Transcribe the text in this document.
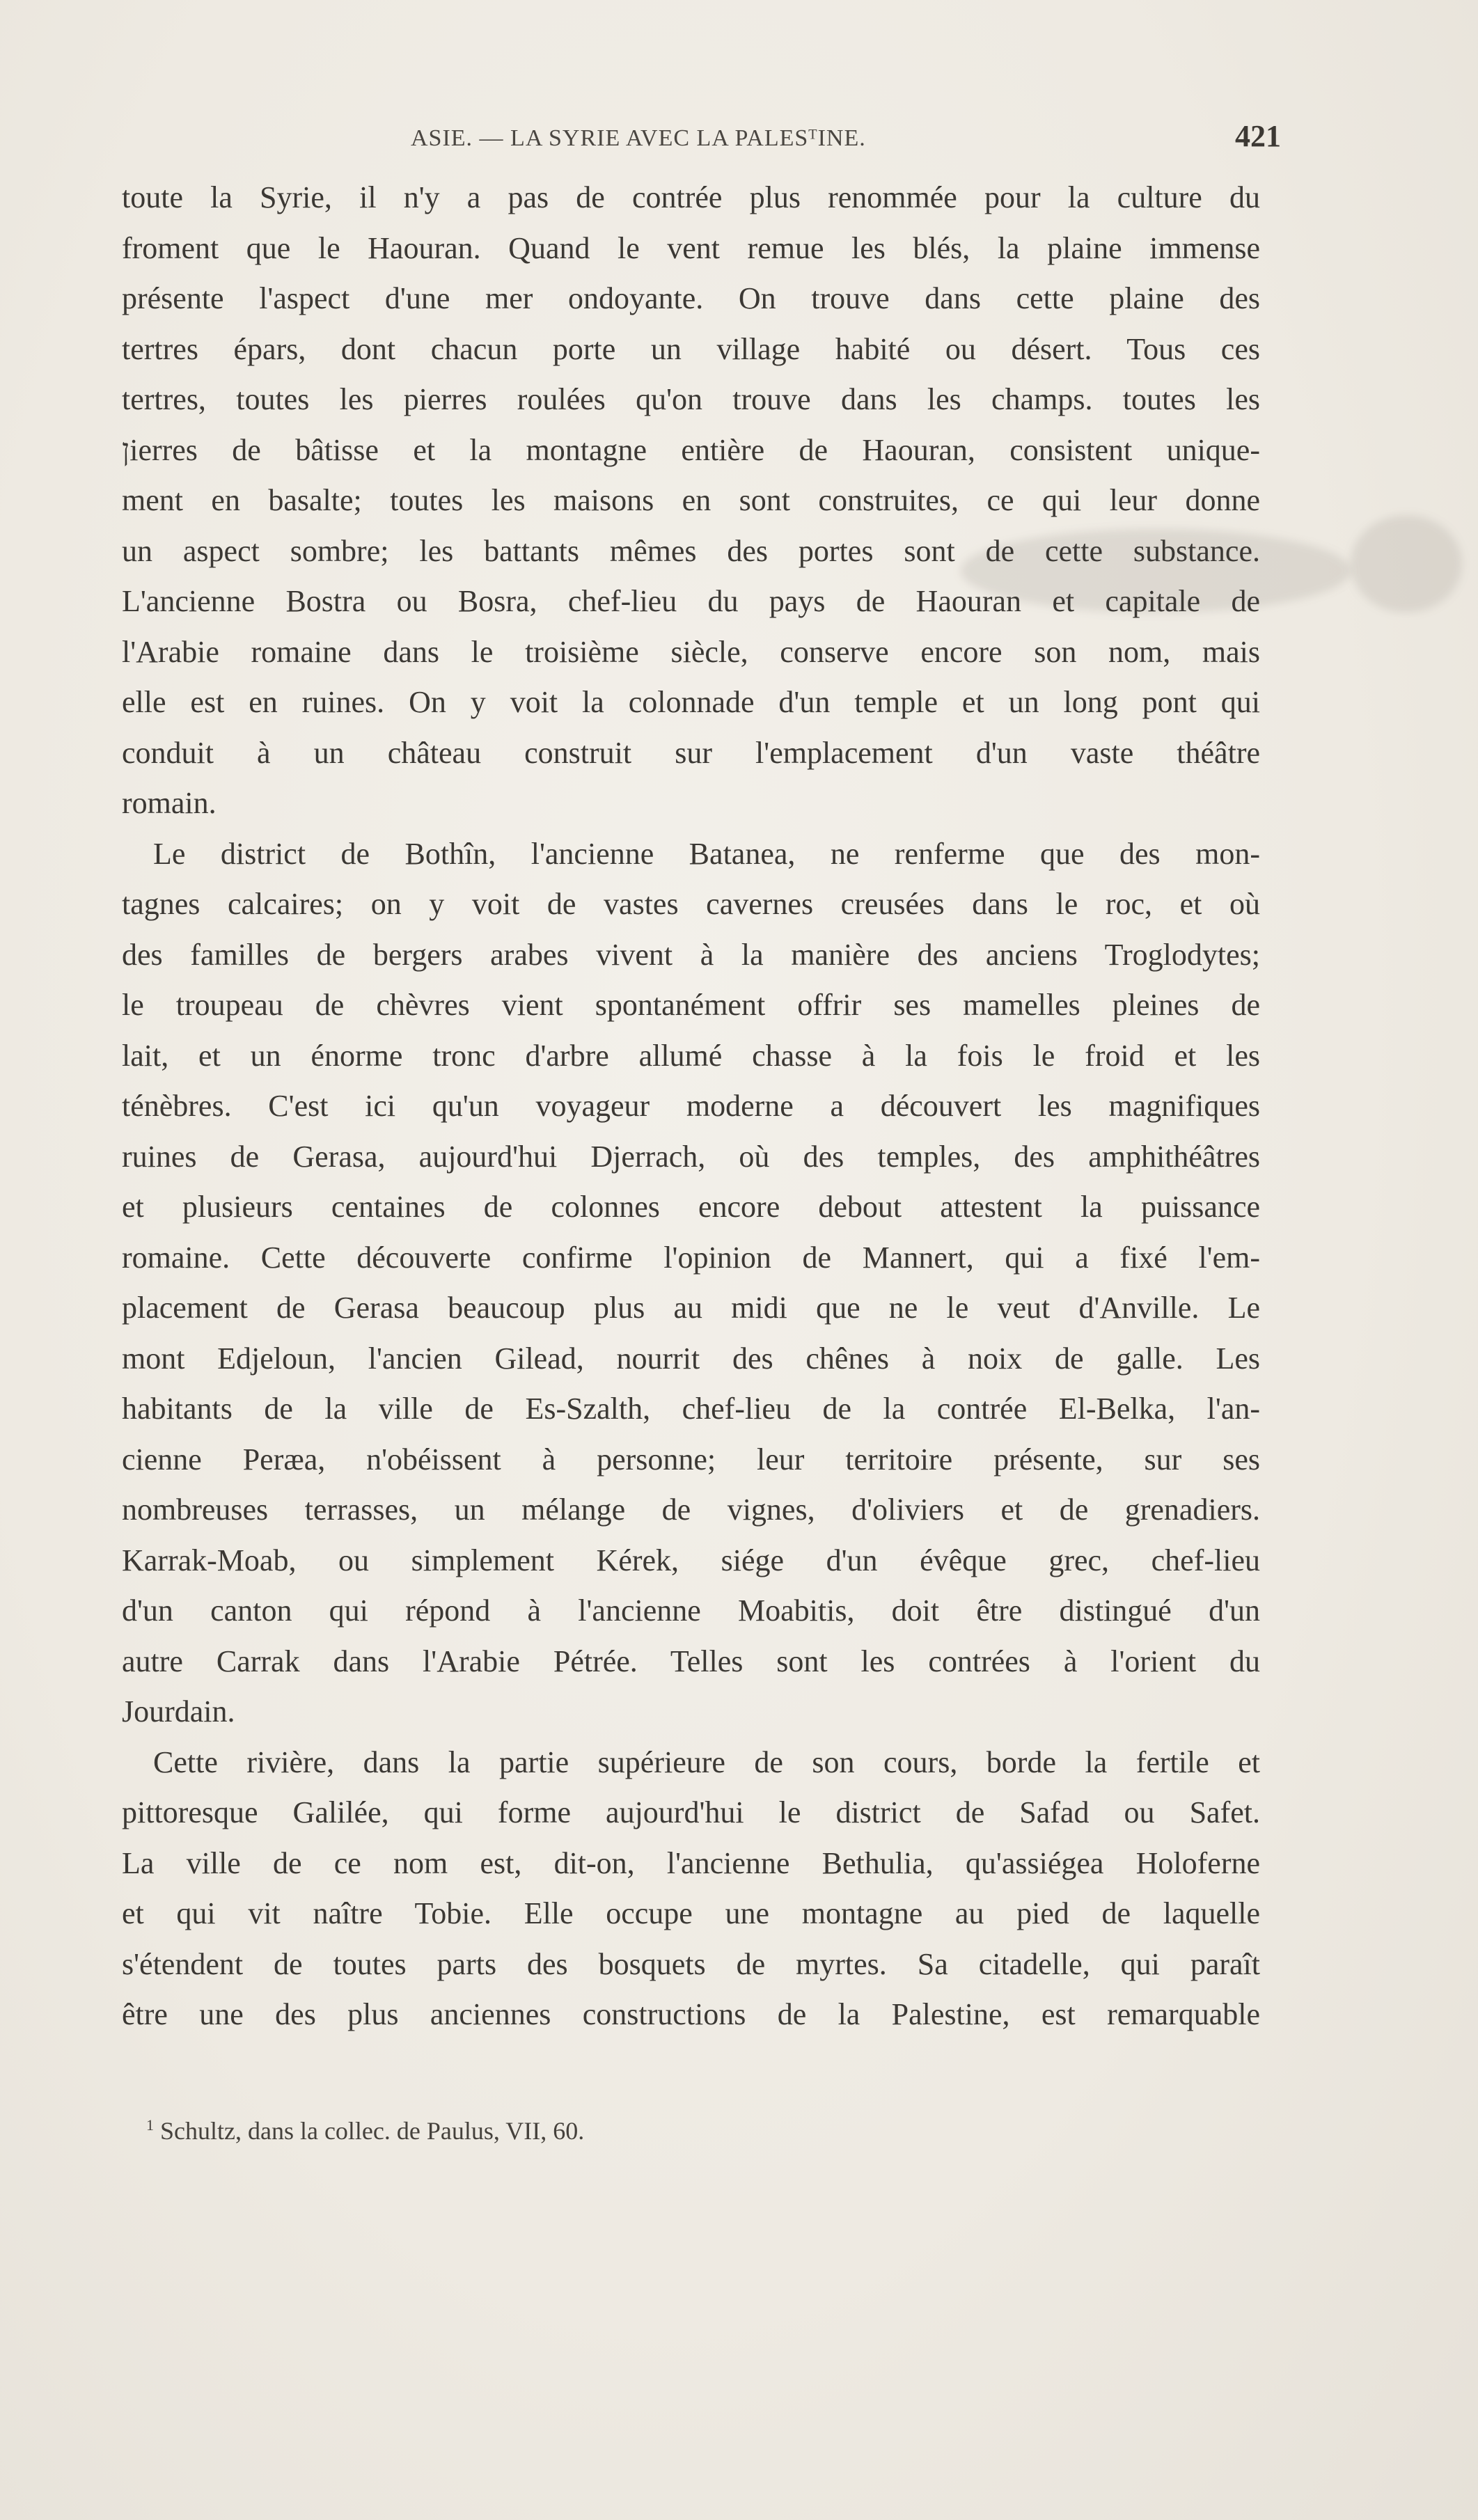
ASIE. — LA SYRIE AVEC LA PALESᵀINE.	421
toute la Syrie, il n'y a pas de contrée plus renommée pour la culture du
froment que le Haouran. Quand le vent remue les blés, la plaine immense
présente l'aspect d'une mer ondoyante. On trouve dans cette plaine des
tertres épars, dont chacun porte un village habité ou désert. Tous ces
tertres, toutes les pierres roulées qu'on trouve dans les champs. toutes les
ןierres de bâtisse et la montagne entière de Haouran, consistent unique-
ment en basalte; toutes les maisons en sont construites, ce qui leur donne
un aspect sombre; les battants mêmes des portes sont de cette substance.
L'ancienne Bostra ou Bosra, chef-lieu du pays de Haouran et capitale de
l'Arabie romaine dans le troisième siècle, conserve encore son nom, mais
elle est en ruines. On y voit la colonnade d'un temple et un long pont qui
conduit à un château construit sur l'emplacement d'un vaste théâtre
romain.
Le district de Bothîn, l'ancienne Batanea, ne renferme que des mon-
tagnes calcaires; on y voit de vastes cavernes creusées dans le roc, et où
des familles de bergers arabes vivent à la manière des anciens Troglodytes;
le troupeau de chèvres vient spontanément offrir ses mamelles pleines de
lait, et un énorme tronc d'arbre allumé chasse à la fois le froid et les
ténèbres. C'est ici qu'un voyageur moderne a découvert les magnifiques
ruines de Gerasa, aujourd'hui Djerrach, où des temples, des amphithéâtres
et plusieurs centaines de colonnes encore debout attestent la puissance
romaine. Cette découverte confirme l'opinion de Mannert, qui a fixé l'em-
placement de Gerasa beaucoup plus au midi que ne le veut d'Anville. Le
mont Edjeloun, l'ancien Gilead, nourrit des chênes à noix de galle. Les
habitants de la ville de Es-Szalth, chef-lieu de la contrée El-Belka, l'an-
cienne Peræa, n'obéissent à personne; leur territoire présente, sur ses
nombreuses terrasses, un mélange de vignes, d'oliviers et de grenadiers.
Karrak-Moab, ou simplement Kérek, siége d'un évêque grec, chef-lieu
d'un canton qui répond à l'ancienne Moabitis, doit être distingué d'un
autre Carrak dans l'Arabie Pétrée. Telles sont les contrées à l'orient du
Jourdain.
Cette rivière, dans la partie supérieure de son cours, borde la fertile et
pittoresque Galilée, qui forme aujourd'hui le district de Safad ou Safet.
La ville de ce nom est, dit-on, l'ancienne Bethulia, qu'assiégea Holoferne
et qui vit naître Tobie. Elle occupe une montagne au pied de laquelle
s'étendent de toutes parts des bosquets de myrtes. Sa citadelle, qui paraît
être une des plus anciennes constructions de la Palestine, est remarquable
$^1$ Schultz, dans la collec. de Paulus, VII, 60.
